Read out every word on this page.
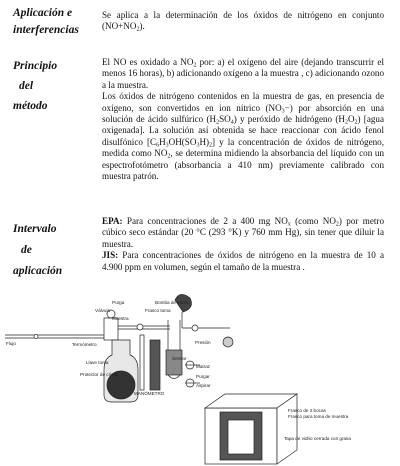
Aplicación e
interferencias
Principio
del
método
Intervalo
de
aplicación

Se aplica a la determinación de los óxidos de nitrógeno en conjunto $(NO+NO_2)$.

El NO es oxidado a $NO_2$ por: a) el oxígeno del aire (dejando transcurrir el menos 16 horas), b) adicionando oxígeno a la muestra , c) adicionando ozono a la muestra.

Los óxidos de nitrógeno contenidos en la muestra de gas, en presencia de oxígeno, son convertidos en ion nítrico $(NO_3-)$ por absorción en una solución de ácido sulfúrico $(H_2SO_4)$ y peróxido de hidrógeno $(H_2O_2)$ [agua oxigenada]. La solución así obtenida se hace reaccionar con ácido fenol disulfónico $[C_6H_3OH(SO_3H)_2]$ y la concentración de óxidos de nitrógeno, medida como $NO_2$, se determina midiendo la absorbancia del líquido con un espectrofotómetro (absorbancia a 410 nm) previamente calibrado con muestra patrón.

EPA: Para concentraciones de 2 a 400 mg $NO_x$ (como $NO_2$) por metro cúbico seco estándar (20 °C (293 °K) y 760 mm Hg), sin tener que diluir la muestra.

JIS: Para concentraciones de óxidos de nitrógeno en la muestra de 10 a 4.900 ppm en volumen, según el tamaño de la muestra .

Bomba de vacío
Purga
Válvula
Muestra
Frasco toma
Termómetro
Llave toma
Presión
Flujo
Protector de cristal
Sensor
Matraz
Purgar
Aspirar
MANÓMETRO
Frasco de 2 bocas
Frasco para toma de muestra
Tapa de vidrio cerrada con grasa
